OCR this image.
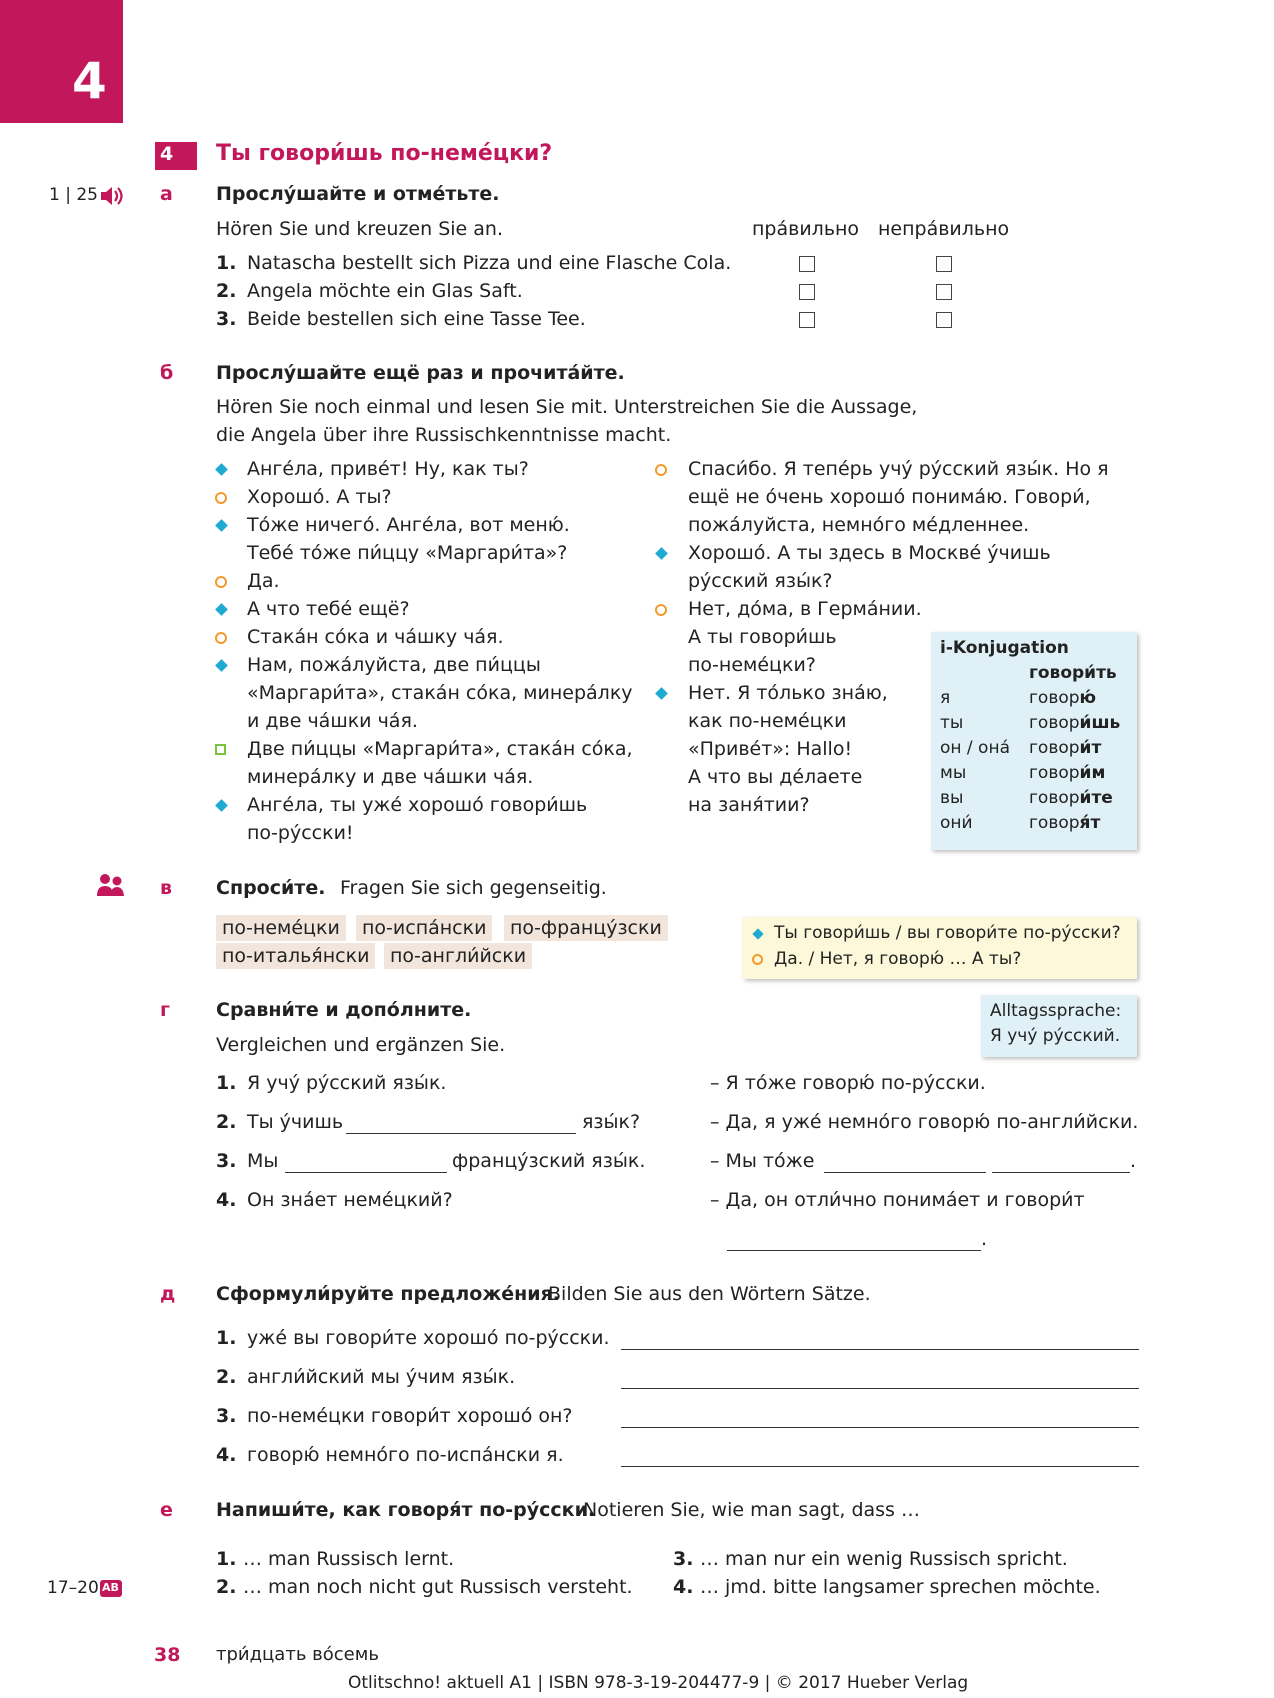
4
4 Ты говори́шь по-неме́цки?
1 | 25	а Прослу́шайте и отме́тьте.
Hören Sie und kreuzen Sie an.	пра́вильно непра́вильно
1. Natascha bestellt sich Pizza und eine Flasche Cola.
2. Angela möchte ein Glas Saft.
3. Beide bestellen sich eine Tasse Tee.
б Прослу́шайте ещё раз и прочита́йте.
Hören Sie noch einmal und lesen Sie mit. Unterstreichen Sie die Aussage,
die Angela über ihre Russischkenntnisse macht.
Анге́ла, приве́т! Ну, как ты?
Хорошо́. А ты?
То́же ничего́. Анге́ла, вот меню́.
Тебе́ то́же пи́ццу «Маргари́та»?
Да.
А что тебе́ ещё?
Стака́н со́ка и ча́шку ча́я.
Нам, пожа́луйста, две пи́ццы
«Маргари́та», стака́н со́ка, минера́лку
и две ча́шки ча́я.
Две пи́ццы «Маргари́та», стака́н со́ка,
минера́лку и две ча́шки ча́я.
Анге́ла, ты уже́ хорошо́ говори́шь
по-ру́сски!
Спаси́бо. Я тепе́рь учу́ ру́сский язы́к. Но я
ещё не о́чень хорошо́ понима́ю. Говори́,
пожа́луйста, немно́го ме́дленнее.
Хорошо́. А ты здесь в Москве́ у́чишь
ру́сский язы́к?
Нет, до́ма, в Герма́нии.
А ты говори́шь
по-неме́цки?
Нет. Я то́лько зна́ю,
как по-неме́цки
«Приве́т»: Hallo!
А что вы де́лаете
на заня́тии?
i-Konjugation
говори́ть
я	говорю́
ты	говори́шь
он / она́ говори́т
мы	говори́м
вы	говори́те
они́	говоря́т
в Спроси́те. Fragen Sie sich gegenseitig.
по-неме́цки	по-испа́нски	по-францу́зски
по-италья́нски	по-англи́йски
Ты говори́шь / вы говори́те по-ру́сски?
Да. / Нет, я говорю́ … А ты?
Alltagssprache:
Я учу́ ру́сский.
г Сравни́те и допо́лните.
Vergleichen und ergänzen Sie.
1. Я учу́ ру́сский язы́к.	– Я то́же говорю́ по-ру́сски.
2. Ты у́чишь	язы́к?	– Да, я уже́ немно́го говорю́ по-англи́йски.
3. Мы	францу́зский язы́к.	– Мы то́же	.
4. Он зна́ет неме́цкий?	– Да, он отли́чно понима́ет и говори́т
.
д Сформули́руйте предложе́ния.
Bilden Sie aus den Wörtern Sätze.
1. уже́ вы говори́те хорошо́ по-ру́сски.
2. англи́йский мы у́чим язы́к.
3. по-неме́цки говори́т хорошо́ он?
4. говорю́ немно́го по-испа́нски я.
е Напиши́те, как говоря́т по-ру́сски.
Notieren Sie, wie man sagt, dass …
1. … man Russisch lernt.
2. … man noch nicht gut Russisch versteht.
3. … man nur ein wenig Russisch spricht.
4. … jmd. bitte langsamer sprechen möchte.
17–20 AB
38 три́дцать во́семь
Otlitschno! aktuell A1 | ISBN 978-3-19-204477-9 | © 2017 Hueber Verlag
